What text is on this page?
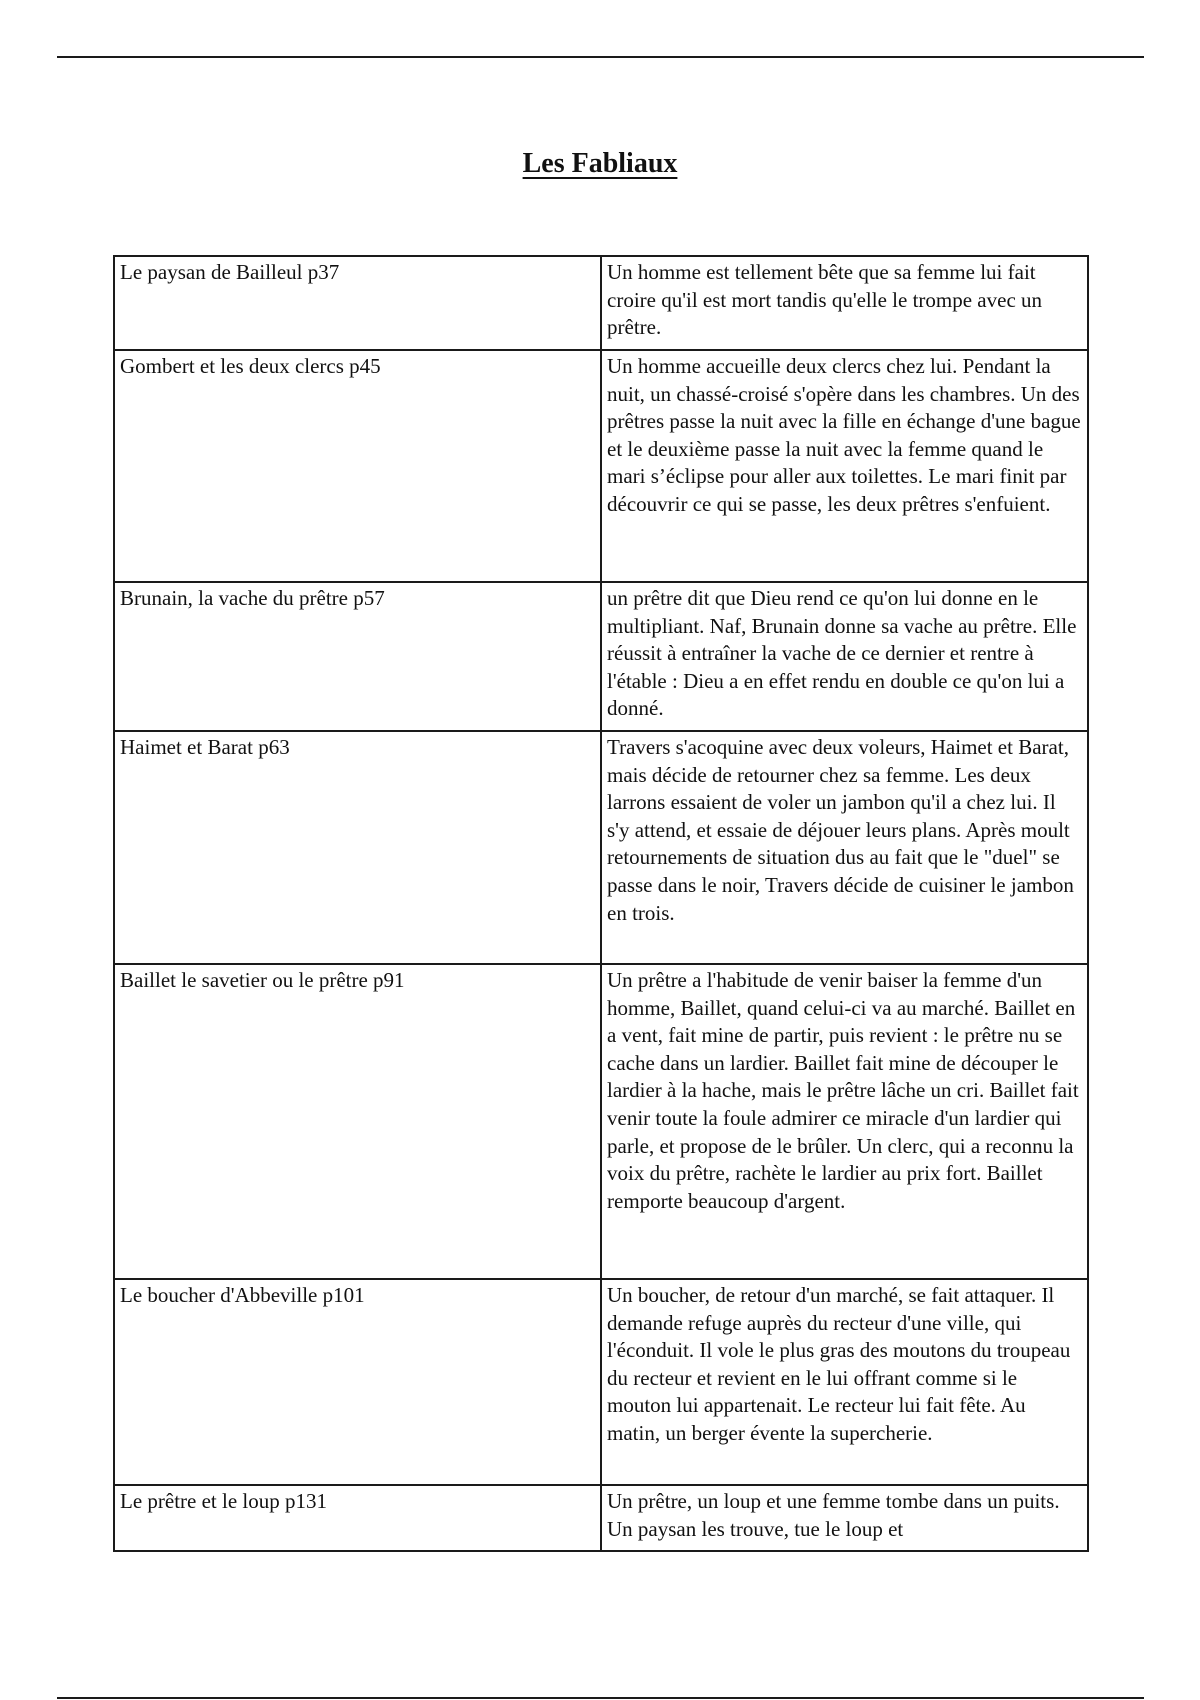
Les Fabliaux
Le paysan de Bailleul p37	Un homme est tellement bête que sa femme lui fait croire qu'il est mort tandis qu'elle le trompe avec un prêtre.
Gombert et les deux clercs p45	Un homme accueille deux clercs chez lui. Pendant la nuit, un chassé-croisé s'opère dans les chambres. Un des prêtres passe la nuit avec la fille en échange d'une bague et le deuxième passe la nuit avec la femme quand le mari s’éclipse pour aller aux toilettes. Le mari finit par découvrir ce qui se passe, les deux prêtres s'enfuient.
Brunain, la vache du prêtre p57	un prêtre dit que Dieu rend ce qu'on lui donne en le multipliant. Naf, Brunain donne sa vache au prêtre. Elle réussit à entraîner la vache de ce dernier et rentre à l'étable : Dieu a en effet rendu en double ce qu'on lui a donné.
Haimet et Barat p63	Travers s'acoquine avec deux voleurs, Haimet et Barat, mais décide de retourner chez sa femme. Les deux larrons essaient de voler un jambon qu'il a chez lui. Il s'y attend, et essaie de déjouer leurs plans. Après moult retournements de situation dus au fait que le "duel" se passe dans le noir, Travers décide de cuisiner le jambon en trois.
Baillet le savetier ou le prêtre p91	Un prêtre a l'habitude de venir baiser la femme d'un homme, Baillet, quand celui-ci va au marché. Baillet en a vent, fait mine de partir, puis revient : le prêtre nu se cache dans un lardier. Baillet fait mine de découper le lardier à la hache, mais le prêtre lâche un cri. Baillet fait venir toute la foule admirer ce miracle d'un lardier qui parle, et propose de le brûler. Un clerc, qui a reconnu la voix du prêtre, rachète le lardier au prix fort. Baillet remporte beaucoup d'argent.
Le boucher d'Abbeville p101	Un boucher, de retour d'un marché, se fait attaquer. Il demande refuge auprès du recteur d'une ville, qui l'éconduit. Il vole le plus gras des moutons du troupeau du recteur et revient en le lui offrant comme si le mouton lui appartenait. Le recteur lui fait fête. Au matin, un berger évente la supercherie.
Le prêtre et le loup p131	Un prêtre, un loup et une femme tombe dans un puits. Un paysan les trouve, tue le loup et
